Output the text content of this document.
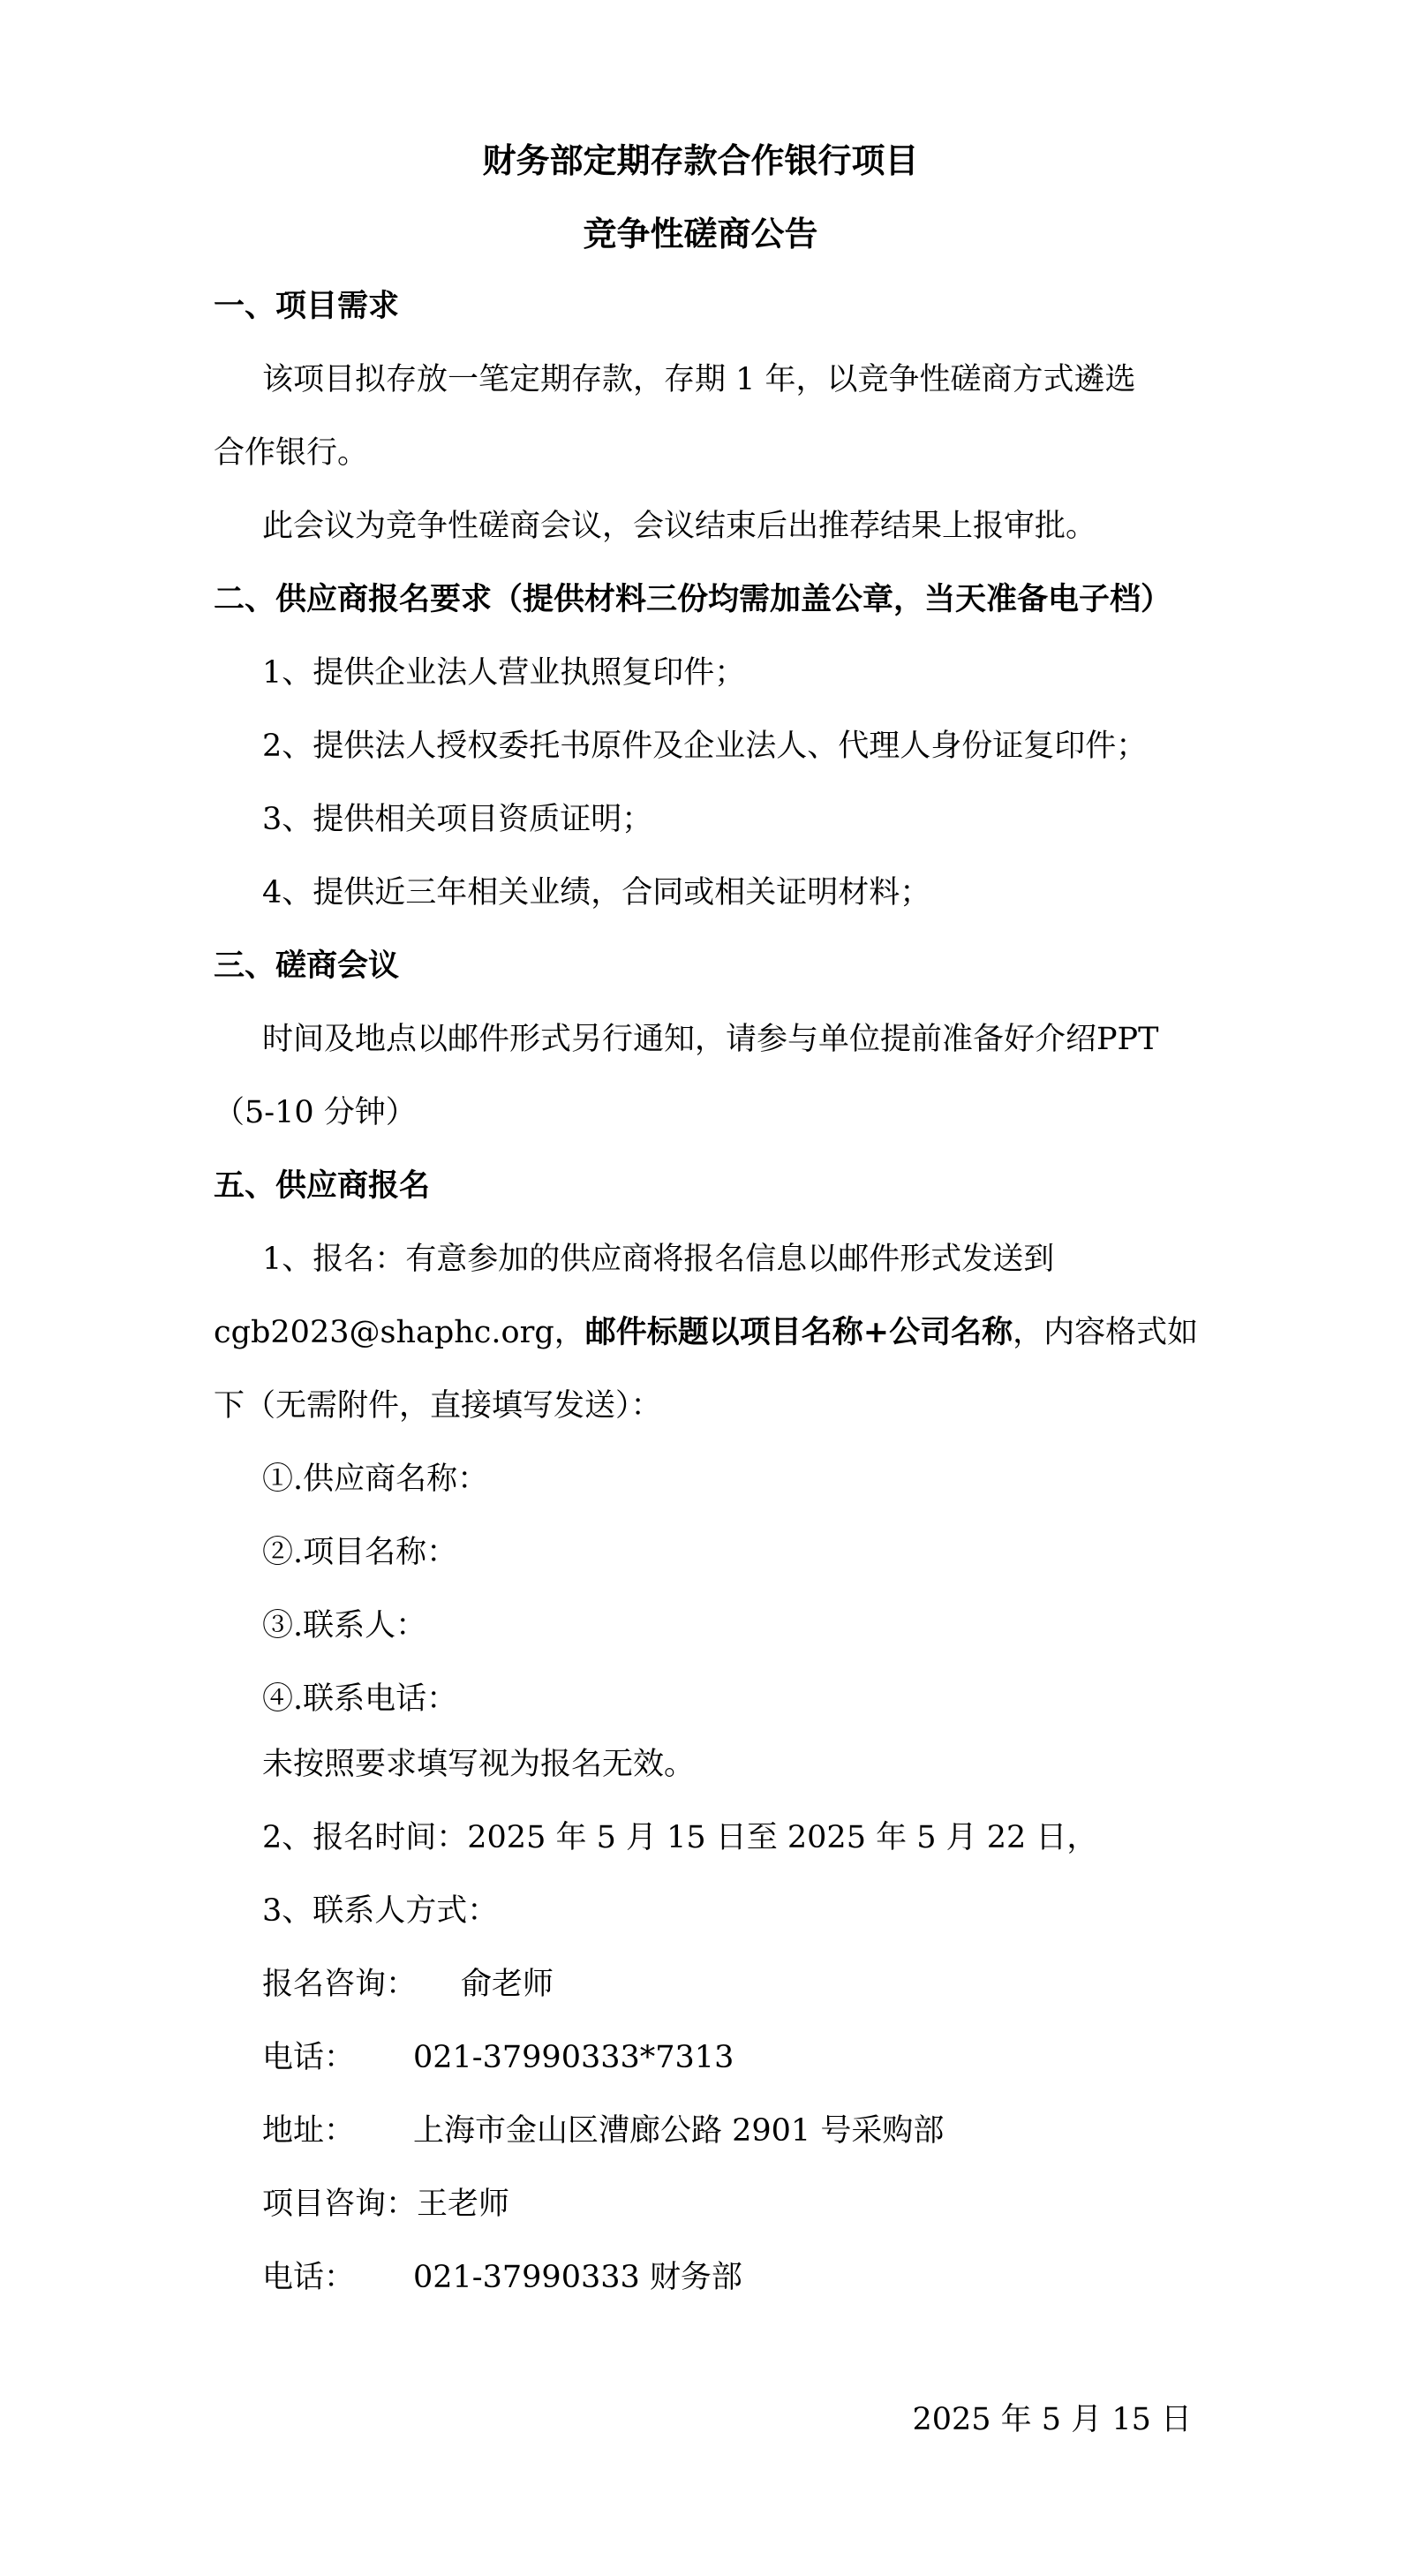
财务部定期存款合作银行项目
竞争性磋商公告
一、项目需求
该项目拟存放一笔定期存款，存期 1 年，以竞争性磋商方式遴选
合作银行。
此会议为竞争性磋商会议，会议结束后出推荐结果上报审批。
二、供应商报名要求（提供材料三份均需加盖公章，当天准备电子档）
1、提供企业法人营业执照复印件；
2、提供法人授权委托书原件及企业法人、代理人身份证复印件；
3、提供相关项目资质证明；
4、提供近三年相关业绩，合同或相关证明材料；
三、磋商会议
时间及地点以邮件形式另行通知，请参与单位提前准备好介绍PPT
（5-10 分钟）
五、供应商报名
1、报名：有意参加的供应商将报名信息以邮件形式发送到
cgb2023@shaphc.org，邮件标题以项目名称+公司名称，内容格式如
下（无需附件，直接填写发送）：
①.供应商名称：
②.项目名称：
③.联系人：
④.联系电话：
未按照要求填写视为报名无效。
2、报名时间：2025 年 5 月 15 日至 2025 年 5 月 22 日，
3、联系人方式：
报名咨询： 俞老师
电话： 021-37990333*7313
地址： 上海市金山区漕廊公路 2901 号采购部
项目咨询：王老师
电话： 021-37990333 财务部
2025 年 5 月 15 日
